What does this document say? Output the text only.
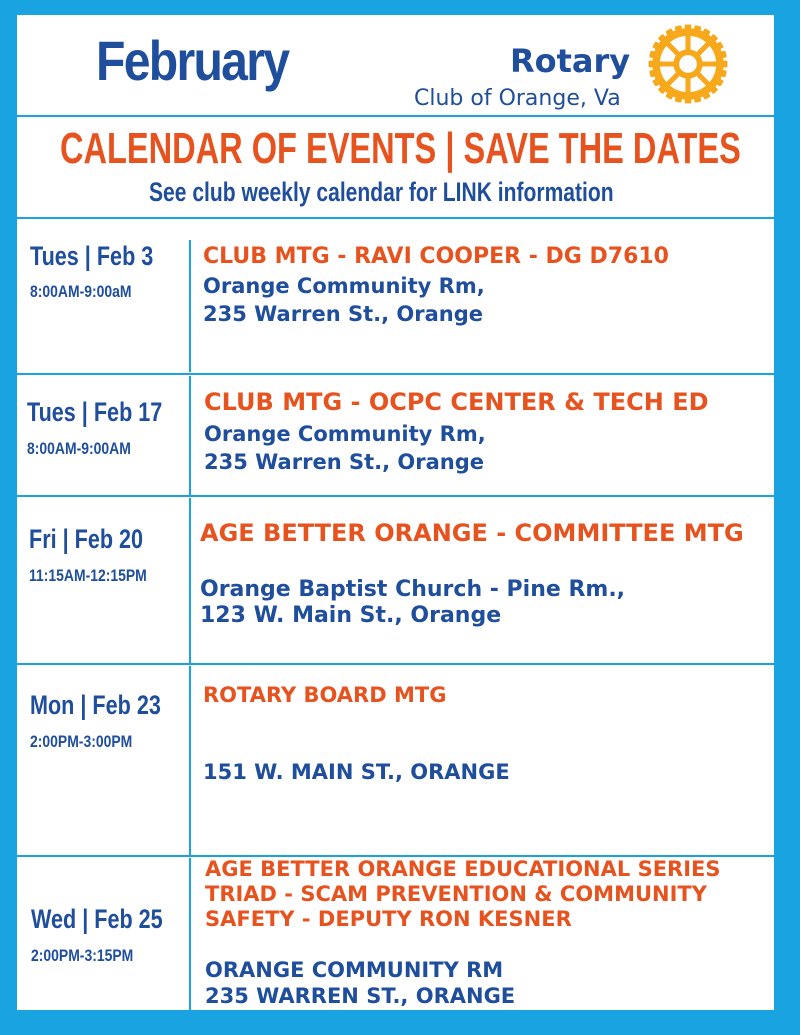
February	Rotary
Club of Orange, Va
CALENDAR OF EVENTS | SAVE THE DATES
See club weekly calendar for LINK information
Tues | Feb 3
8:00AM-9:00aM
CLUB MTG - RAVI COOPER - DG D7610
Orange Community Rm,
235 Warren St., Orange
Tues | Feb 17
8:00AM-9:00AM
CLUB MTG - OCPC CENTER & TECH ED
Orange Community Rm,
235 Warren St., Orange
Fri | Feb 20
11:15AM-12:15PM
AGE BETTER ORANGE - COMMITTEE MTG
Orange Baptist Church - Pine Rm.,
123 W. Main St., Orange
Mon | Feb 23
2:00PM-3:00PM
ROTARY BOARD MTG
151 W. MAIN ST., ORANGE
Wed | Feb 25
2:00PM-3:15PM
AGE BETTER ORANGE EDUCATIONAL SERIES
TRIAD - SCAM PREVENTION & COMMUNITY
SAFETY - DEPUTY RON KESNER
ORANGE COMMUNITY RM
235 WARREN ST., ORANGE
